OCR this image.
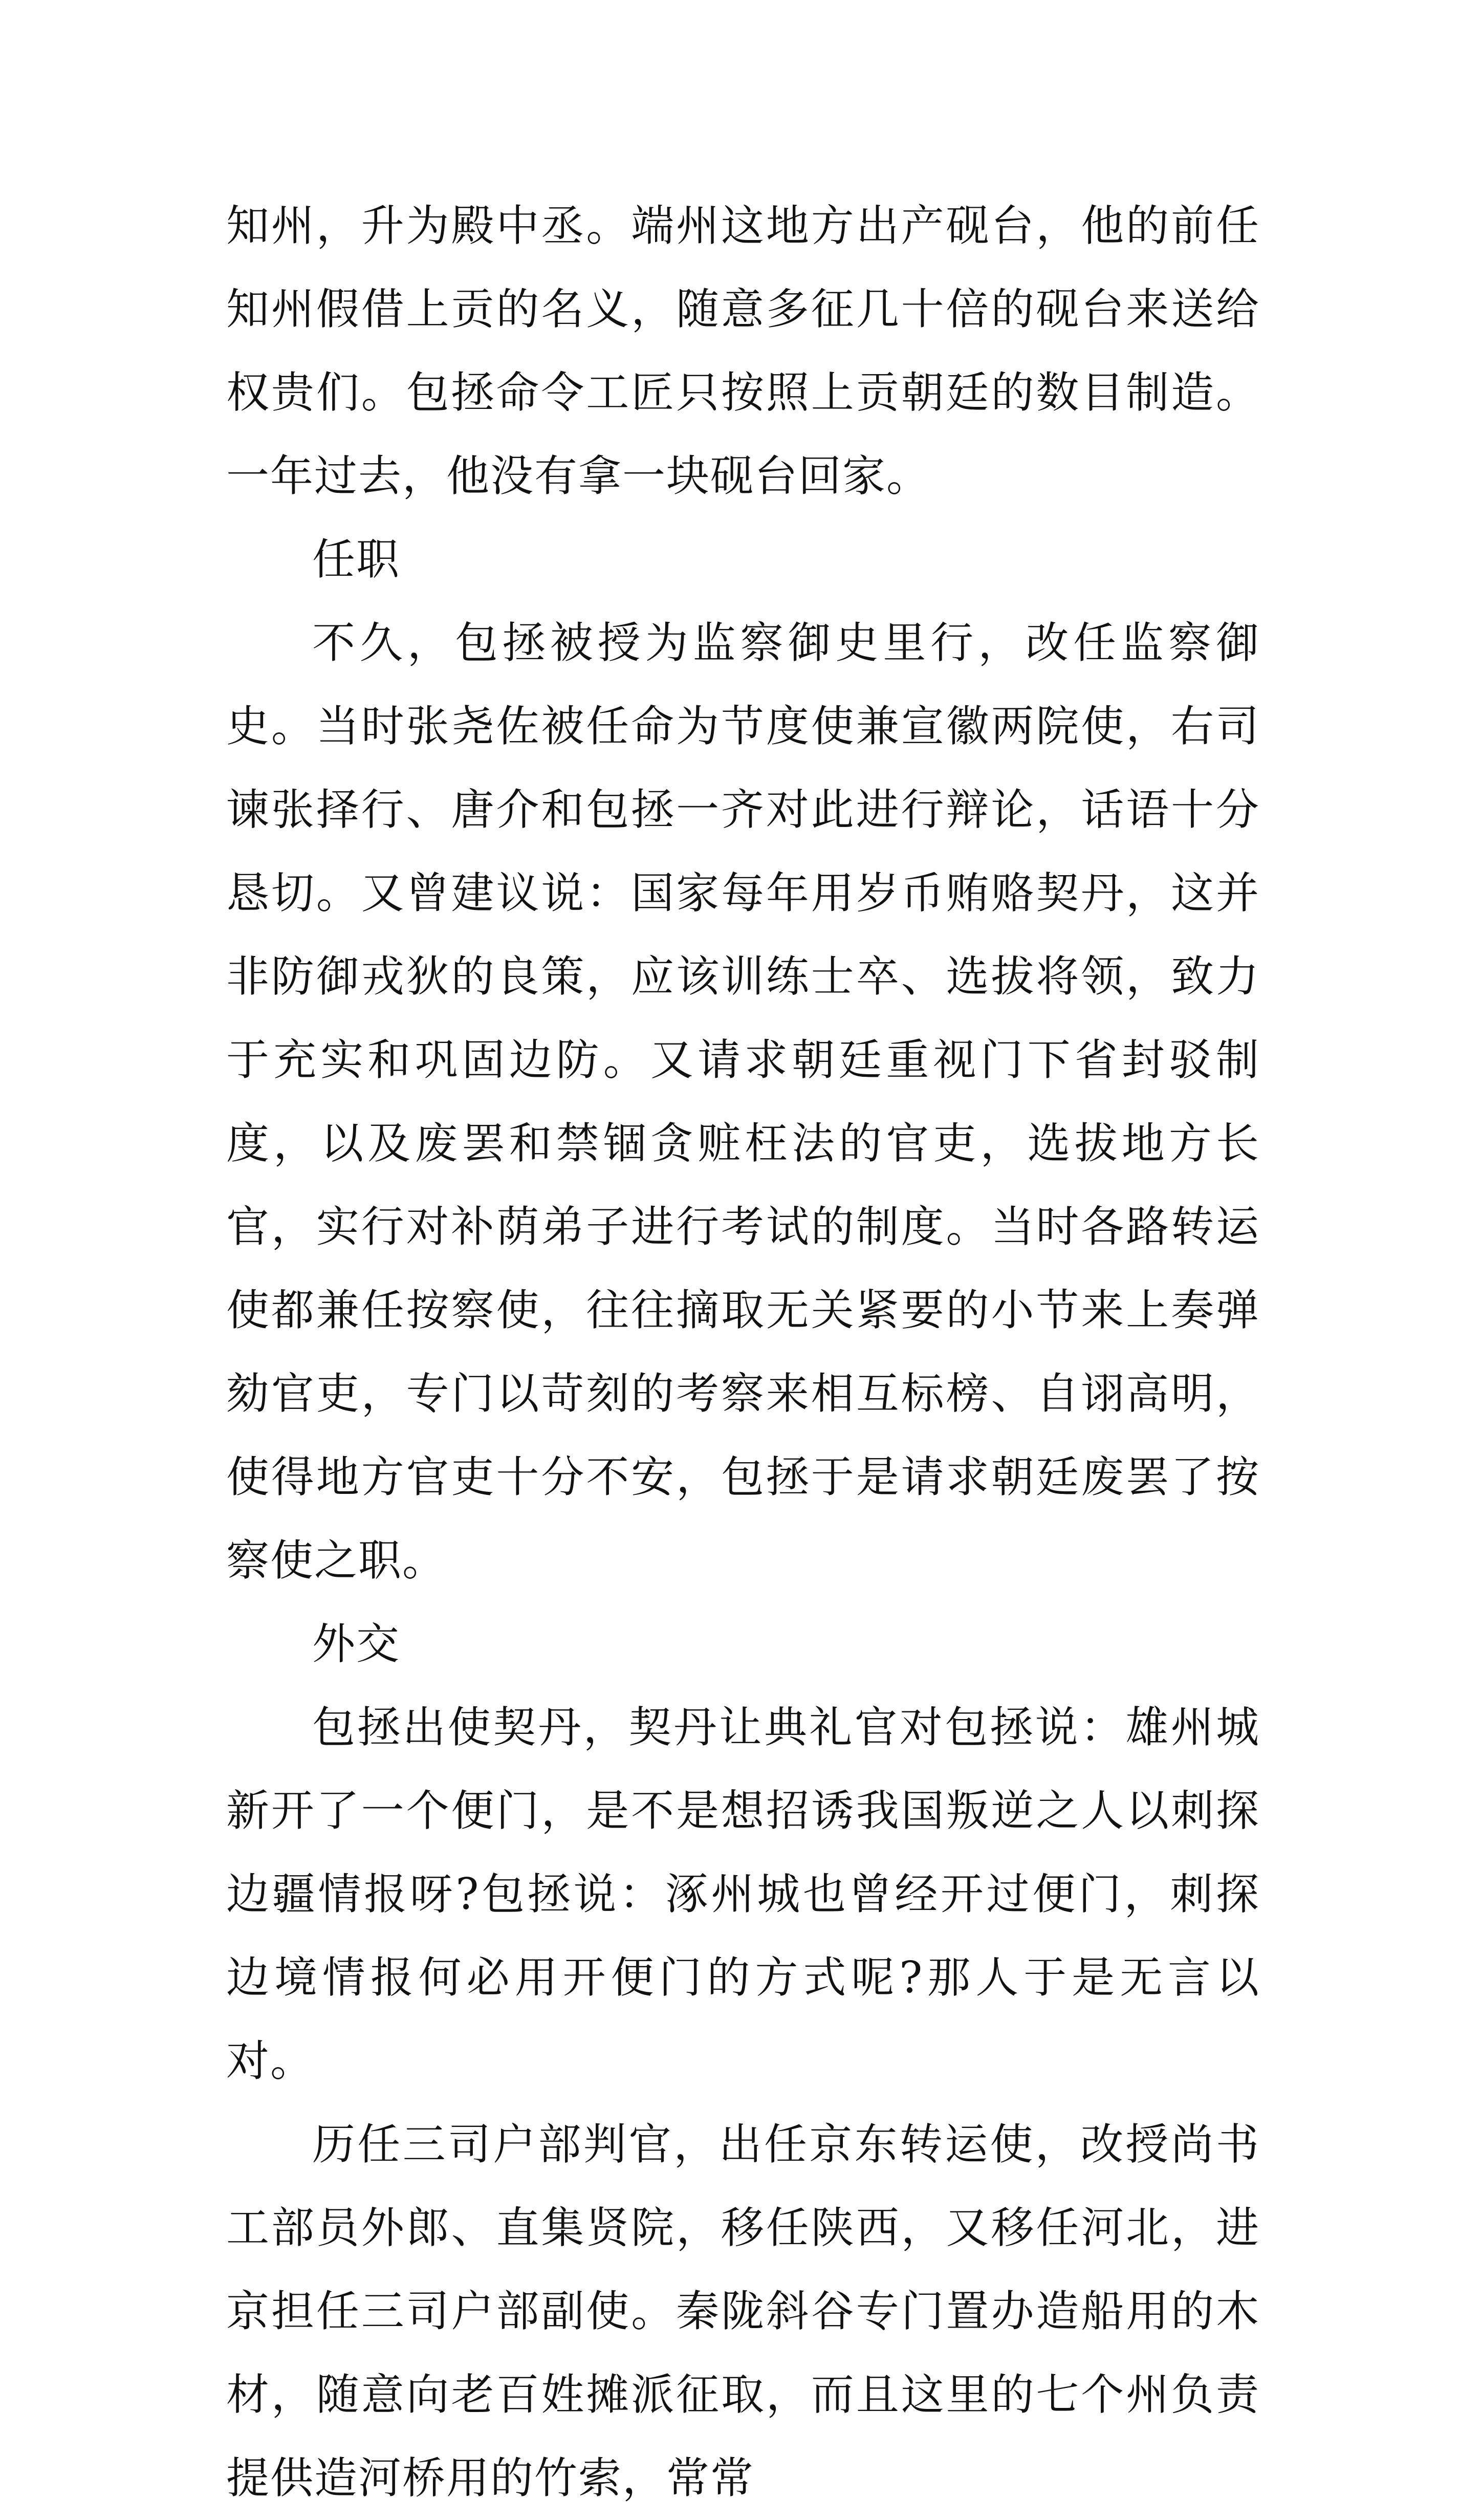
知州，升为殿中丞。端州这地方出产砚台，他的前任知州假借上贡的名义，随意多征几十倍的砚台来送给权贵们。包拯命令工匠只按照上贡朝廷的数目制造。一年过去，他没有拿一块砚台回家。

任职

不久，包拯被授为监察御史里行，改任监察御史。当时张尧佐被任命为节度使兼宣徽两院使，右司谏张择行、唐介和包拯一齐对此进行辩论，话语十分恳切。又曾建议说：国家每年用岁币贿赂契丹，这并非防御戎狄的良策，应该训练士卒、选拔将领，致力于充实和巩固边防。又请求朝廷重视门下省封驳制度，以及废罢和禁锢贪赃枉法的官吏，选拔地方长官，实行对补荫弟子进行考试的制度。当时各路转运使都兼任按察使，往往摘取无关紧要的小节来上奏弹劾官吏，专门以苛刻的考察来相互标榜、自诩高明，使得地方官吏十分不安，包拯于是请求朝廷废罢了按察使之职。

外交

包拯出使契丹，契丹让典礼官对包拯说：雄州城新开了一个便门，是不是想招诱我国叛逆之人以刺探边疆情报呀?包拯说：涿州城也曾经开过便门，刺探边境情报何必用开便门的方式呢?那人于是无言以对。

历任三司户部判官，出任京东转运使，改授尚书工部员外郎、直集贤院，移任陕西，又移任河北，进京担任三司户部副使。秦陇斜谷专门置办造船用的木材，随意向老百姓摊派征取，而且这里的七个州负责提供造河桥用的竹索，常常
